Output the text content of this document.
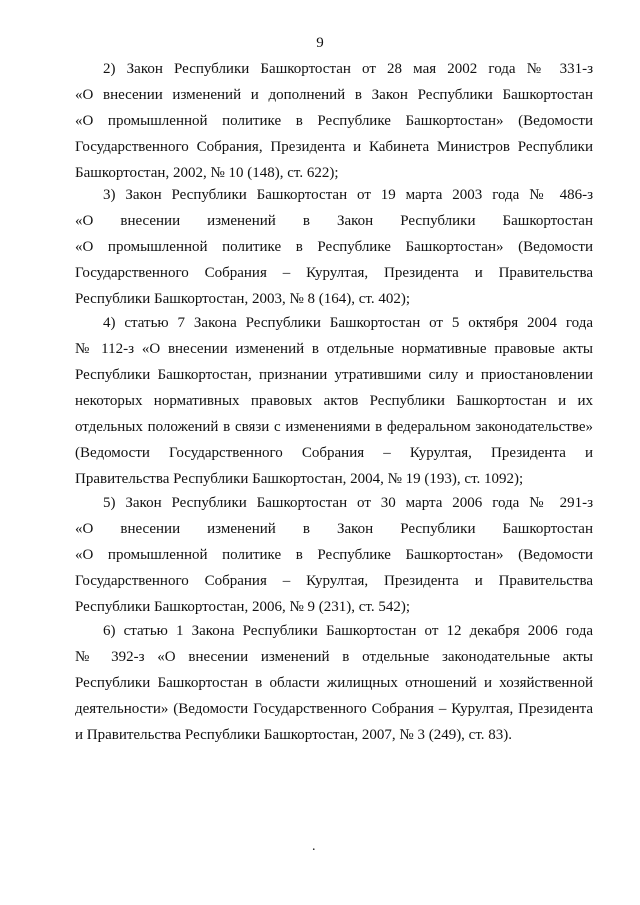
9
2) Закон Республики Башкортостан от 28 мая 2002 года № 331-з
«О внесении изменений и дополнений в Закон Республики Башкортостан
«О промышленной политике в Республике Башкортостан» (Ведомости
Государственного Собрания, Президента и Кабинета Министров Республики
Башкортостан, 2002, № 10 (148), ст. 622);
3) Закон Республики Башкортостан от 19 марта 2003 года № 486-з
«О внесении изменений в Закон Республики Башкортостан
«О промышленной политике в Республике Башкортостан» (Ведомости
Государственного Собрания – Курултая, Президента и Правительства
Республики Башкортостан, 2003, № 8 (164), ст. 402);
4) статью 7 Закона Республики Башкортостан от 5 октября 2004 года
№ 112-з «О внесении изменений в отдельные нормативные правовые акты
Республики Башкортостан, признании утратившими силу и приостановлении
некоторых нормативных правовых актов Республики Башкортостан и их
отдельных положений в связи с изменениями в федеральном законодательстве»
(Ведомости Государственного Собрания – Курултая, Президента и
Правительства Республики Башкортостан, 2004, № 19 (193), ст. 1092);
5) Закон Республики Башкортостан от 30 марта 2006 года № 291-з
«О внесении изменений в Закон Республики Башкортостан
«О промышленной политике в Республике Башкортостан» (Ведомости
Государственного Собрания – Курултая, Президента и Правительства
Республики Башкортостан, 2006, № 9 (231), ст. 542);
6) статью 1 Закона Республики Башкортостан от 12 декабря 2006 года
№ 392-з «О внесении изменений в отдельные законодательные акты
Республики Башкортостан в области жилищных отношений и хозяйственной
деятельности» (Ведомости Государственного Собрания – Курултая, Президента
и Правительства Республики Башкортостан, 2007, № 3 (249), ст. 83).
.
